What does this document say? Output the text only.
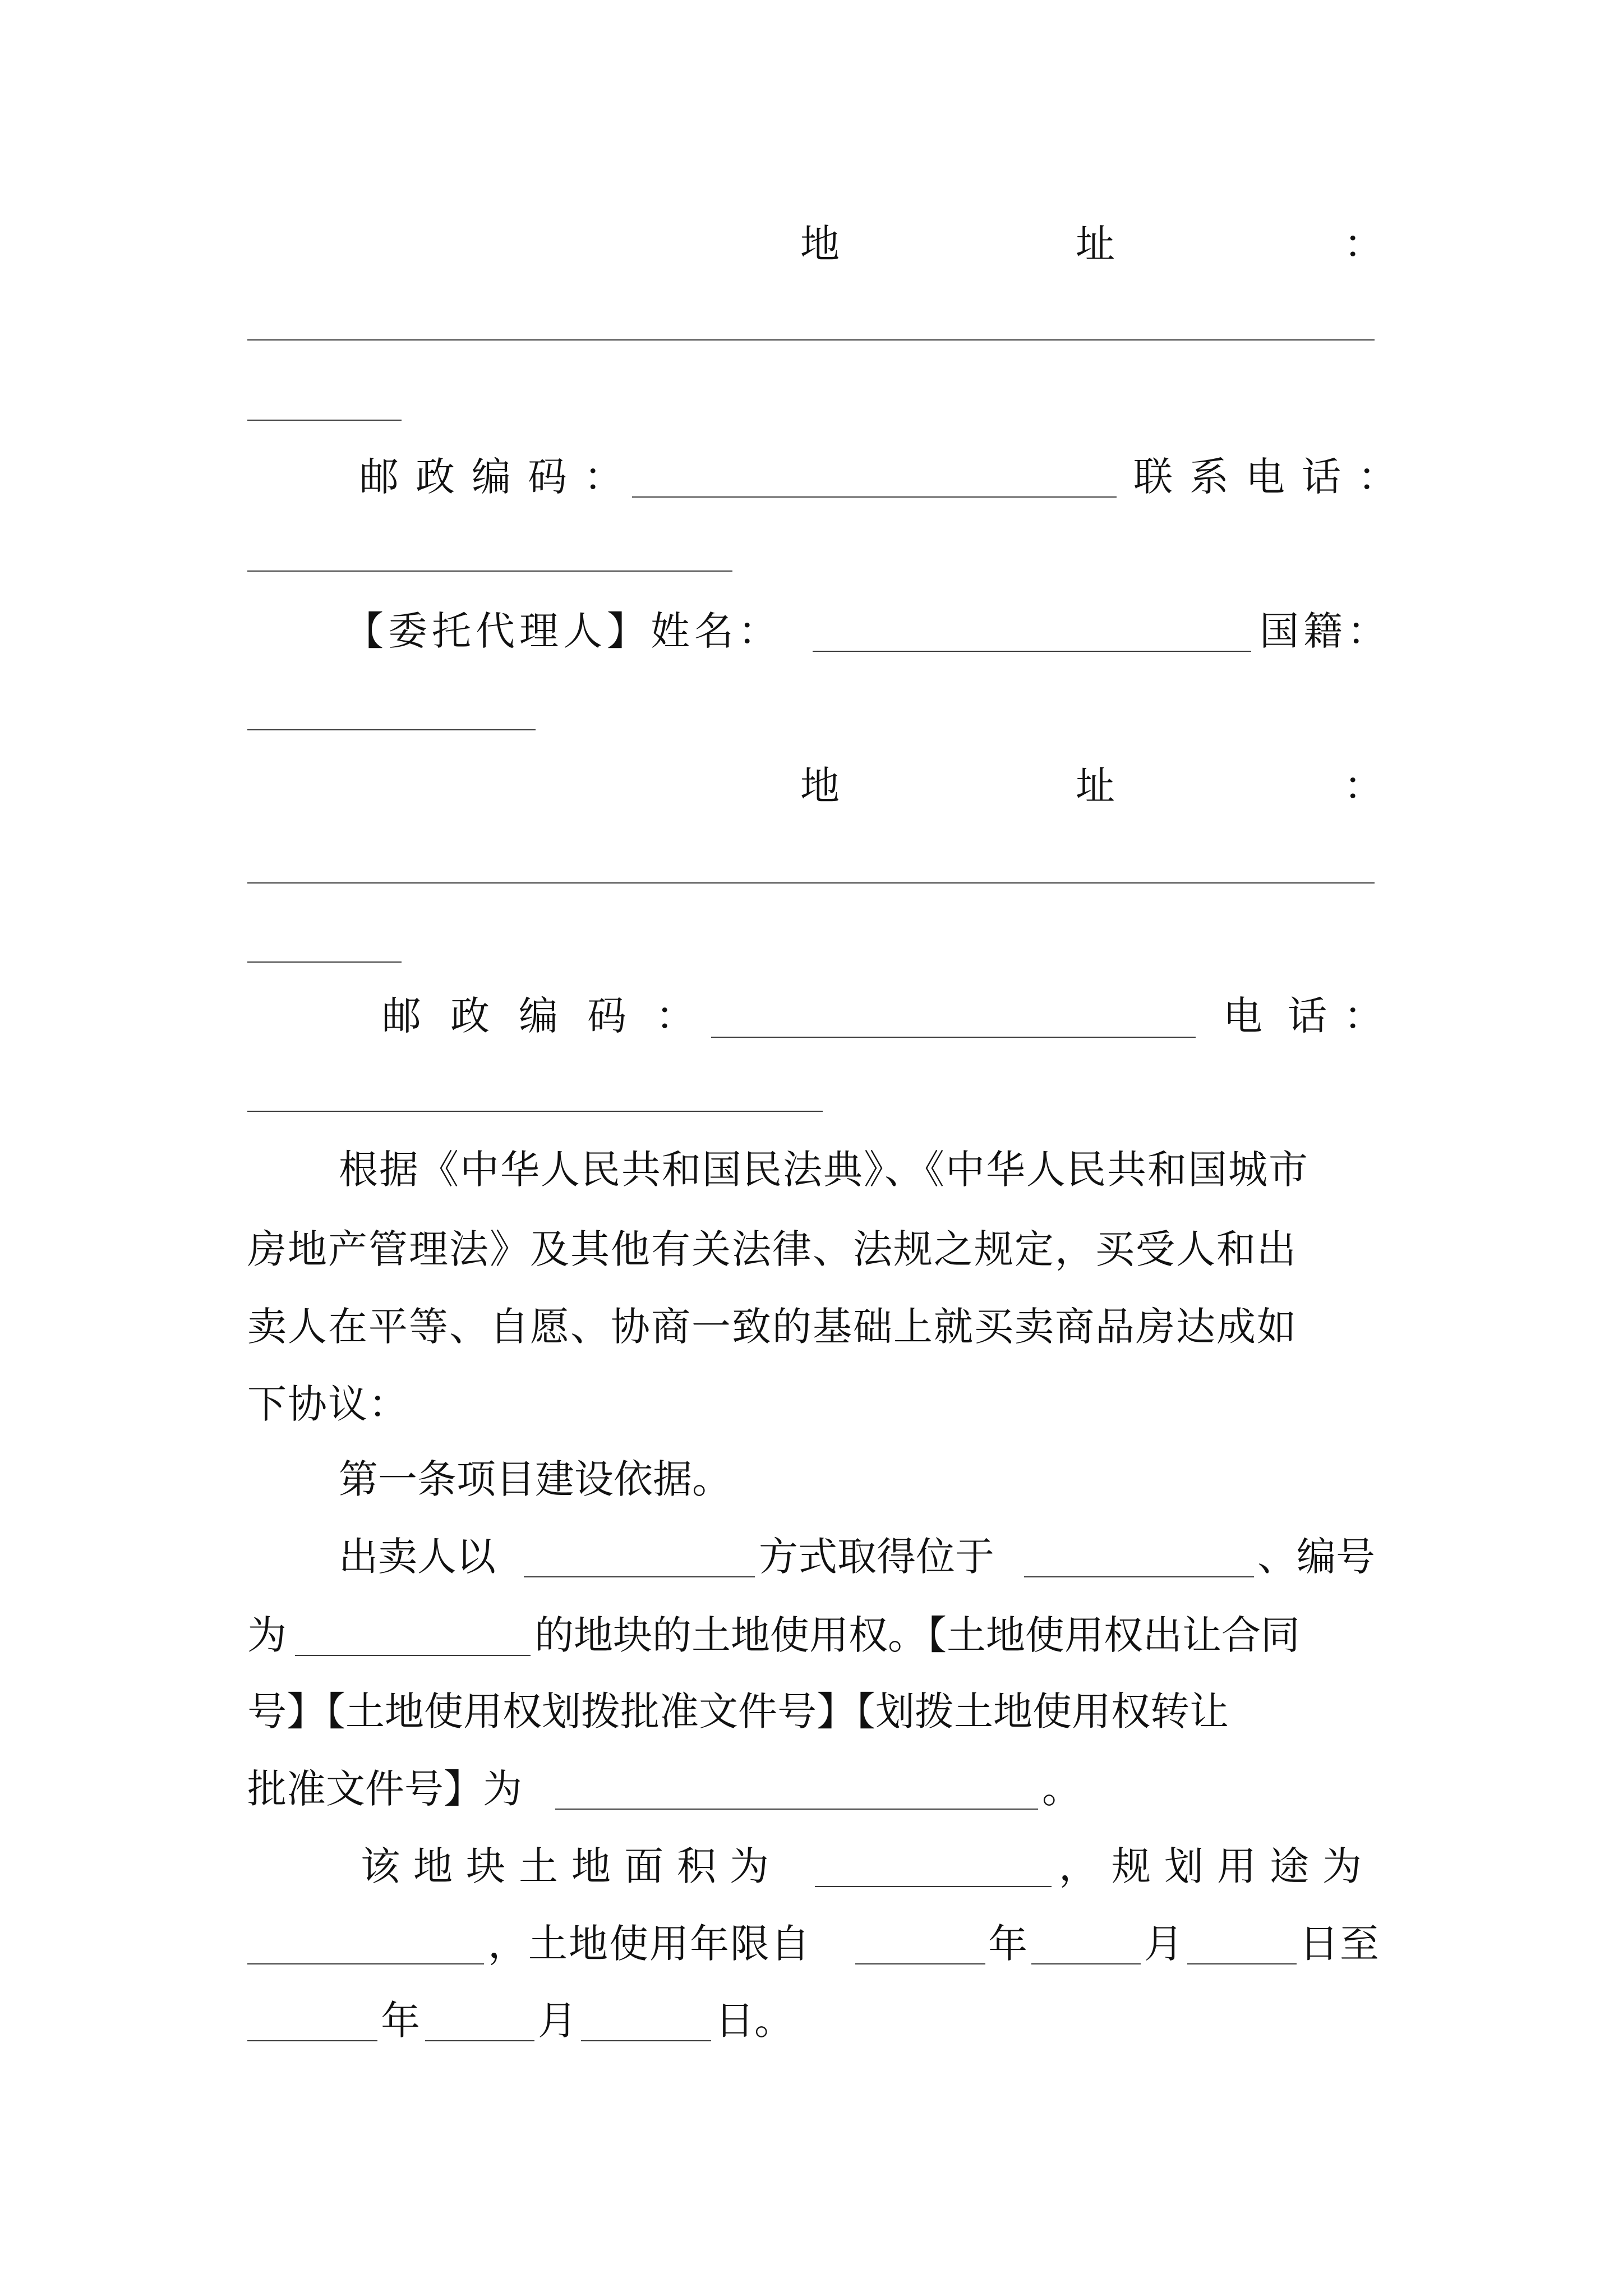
地	址	：
邮政编码：	联系电话：
【委托代理人】姓名：	国籍：
地	址	：
邮政编码：	电 话 ：
根据《中华人民共和国民法典》、《中华人民共和国城市
房地产管理法》及其他有关法律、法规之规定，买受人和出
卖人在平等、自愿、协商一致的基础上就买卖商品房达成如
下协议：
第一条项目建设依据。
出卖人以	方式取得位于	、编号
为	的地块的土地使用权。【土地使用权出让合同
号】【土地使用权划拨批准文件号】【划拨土地使用权转让
批准文件号】为	。
该地块土地面积为	，规划用途为
，土地使用年限自	年	月	日至
年	月	日。
